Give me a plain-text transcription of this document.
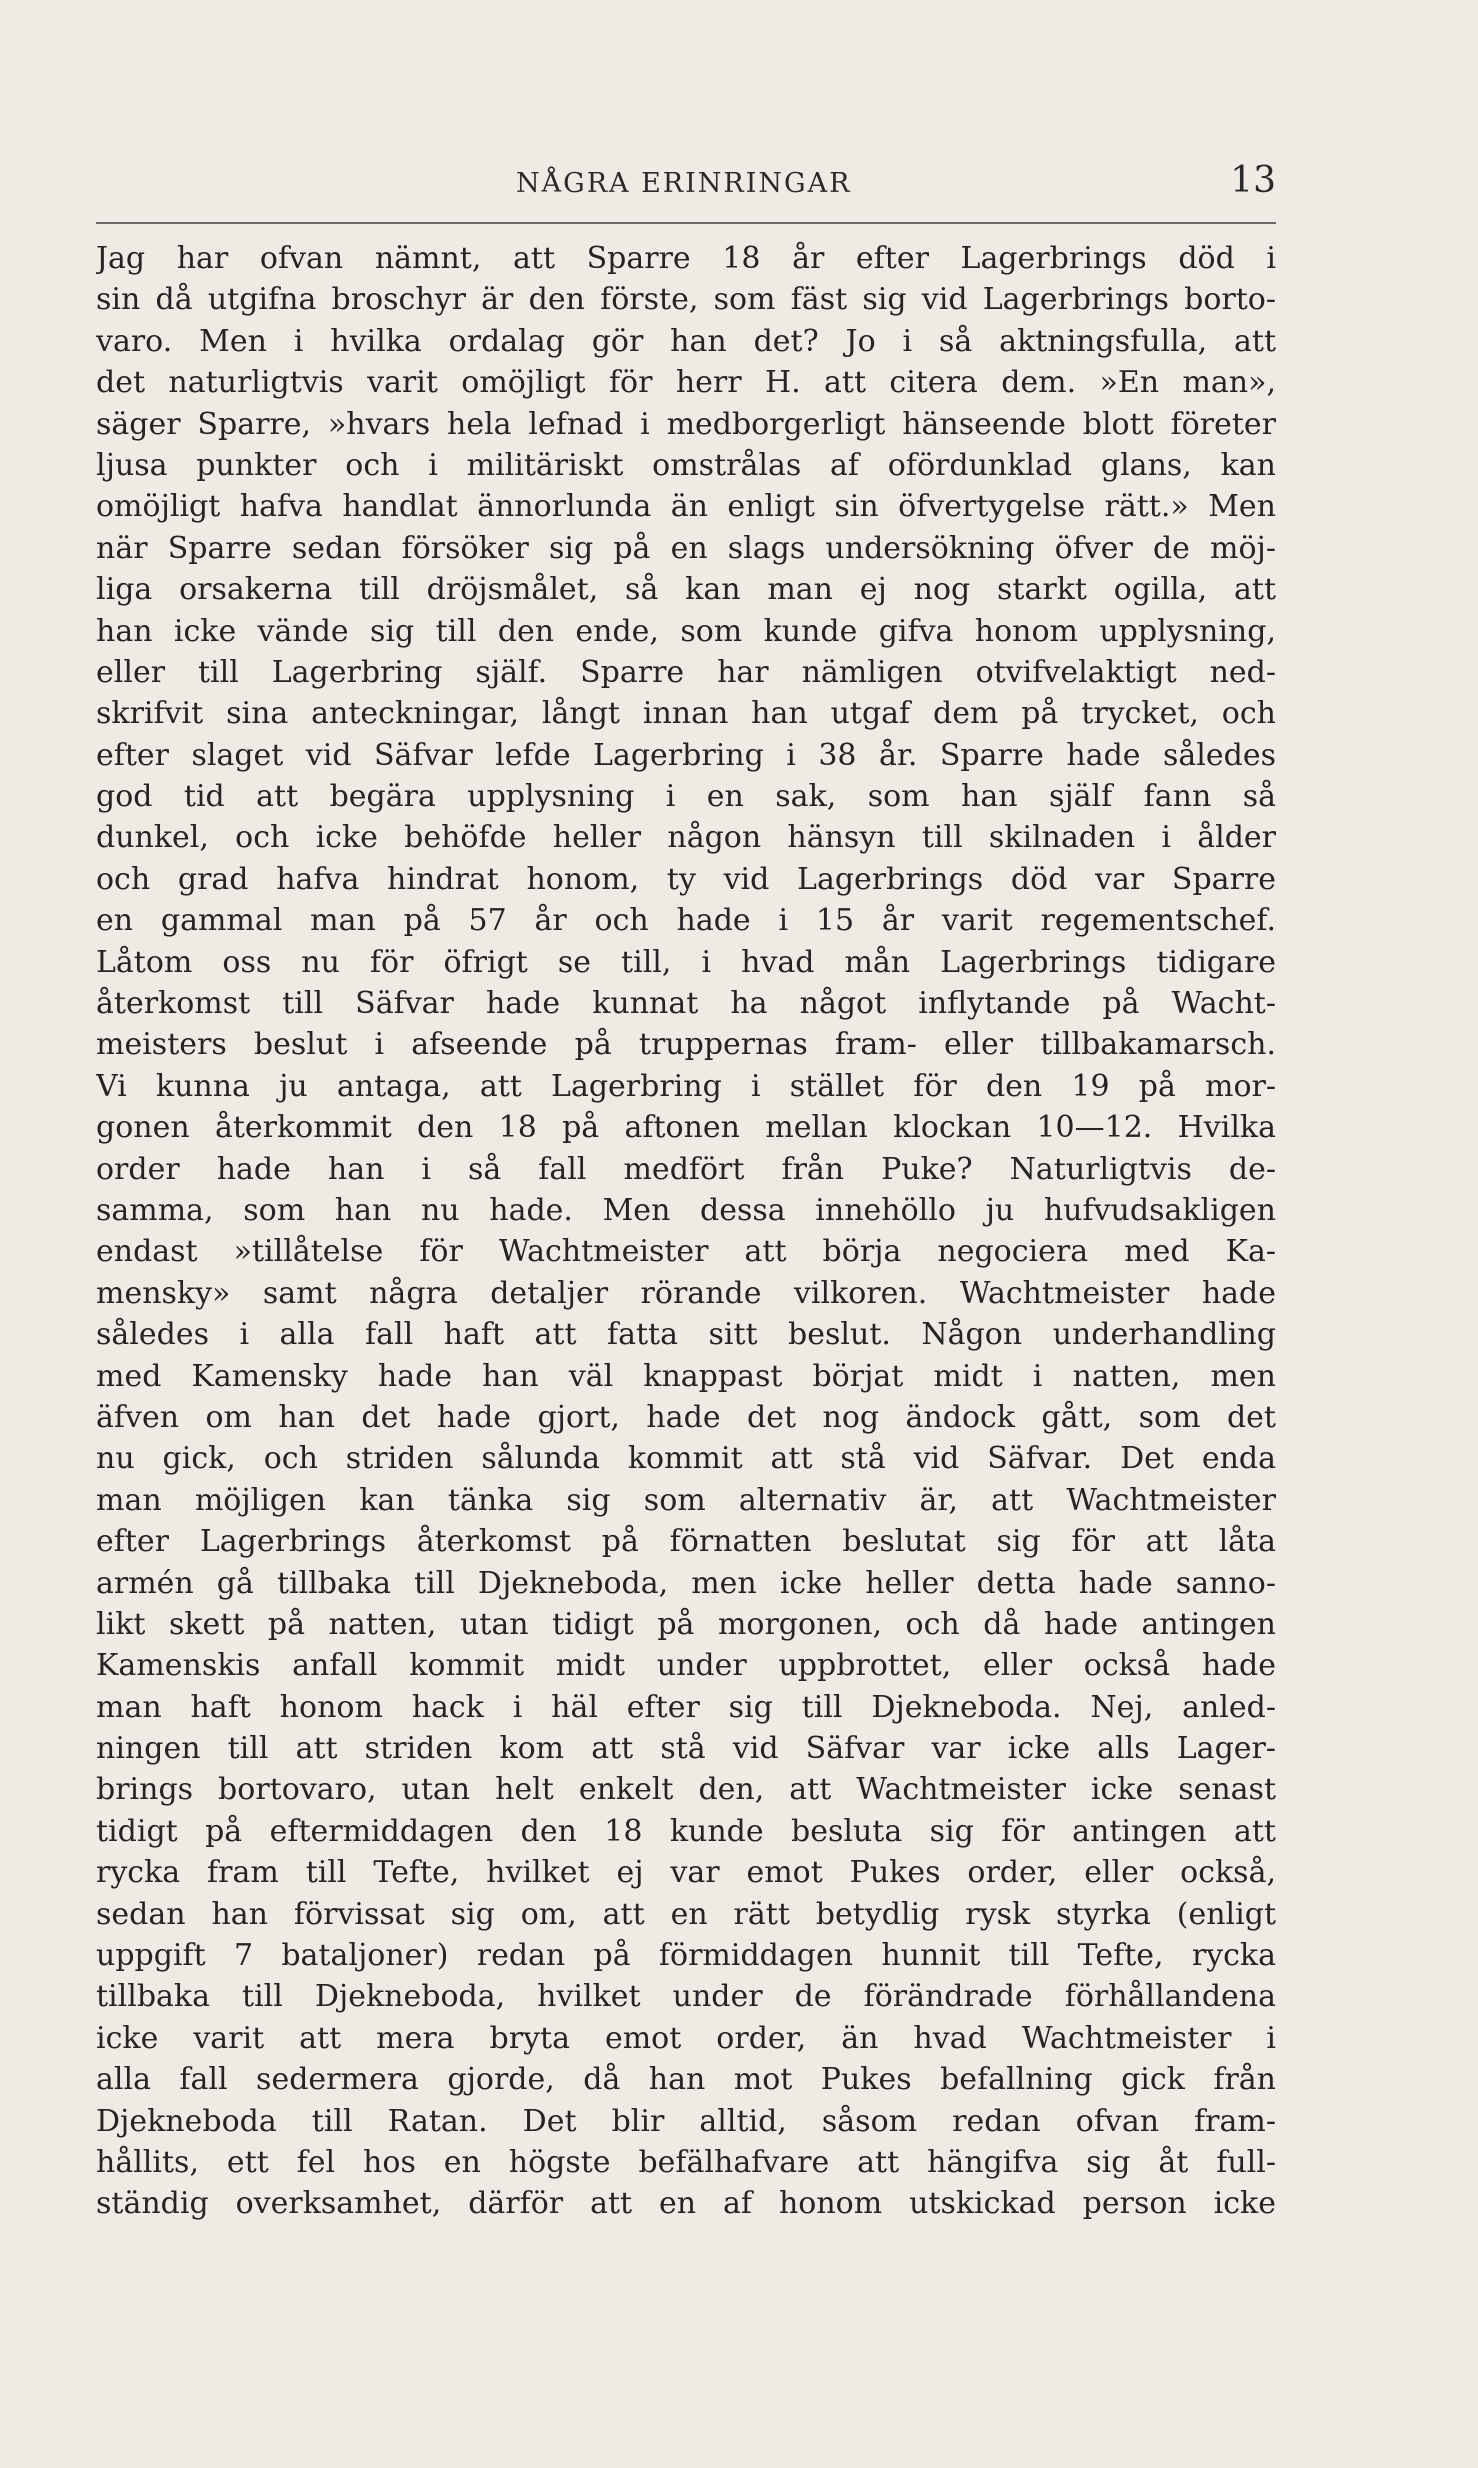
NÅGRA ERINRINGAR	13
Jag har ofvan nämnt, att Sparre 18 år efter Lagerbrings död i
sin då utgifna broschyr är den förste, som fäst sig vid Lagerbrings borto-
varo. Men i hvilka ordalag gör han det? Jo i så aktningsfulla, att
det naturligtvis varit omöjligt för herr H. att citera dem. »En man»,
säger Sparre, »hvars hela lefnad i medborgerligt hänseende blott företer
ljusa punkter och i militäriskt omstrålas af ofördunklad glans, kan
omöjligt hafva handlat ännorlunda än enligt sin öfvertygelse rätt.» Men
när Sparre sedan försöker sig på en slags undersökning öfver de möj-
liga orsakerna till dröjsmålet, så kan man ej nog starkt ogilla, att
han icke vände sig till den ende, som kunde gifva honom upplysning,
eller till Lagerbring själf. Sparre har nämligen otvifvelaktigt ned-
skrifvit sina anteckningar, långt innan han utgaf dem på trycket, och
efter slaget vid Säfvar lefde Lagerbring i 38 år. Sparre hade således
god tid att begära upplysning i en sak, som han själf fann så
dunkel, och icke behöfde heller någon hänsyn till skilnaden i ålder
och grad hafva hindrat honom, ty vid Lagerbrings död var Sparre
en gammal man på 57 år och hade i 15 år varit regementschef.
Låtom oss nu för öfrigt se till, i hvad mån Lagerbrings tidigare
återkomst till Säfvar hade kunnat ha något inflytande på Wacht-
meisters beslut i afseende på truppernas fram- eller tillbakamarsch.
Vi kunna ju antaga, att Lagerbring i stället för den 19 på mor-
gonen återkommit den 18 på aftonen mellan klockan 10—12. Hvilka
order hade han i så fall medfört från Puke? Naturligtvis de-
samma, som han nu hade. Men dessa innehöllo ju hufvudsakligen
endast »tillåtelse för Wachtmeister att börja negociera med Ka-
mensky» samt några detaljer rörande vilkoren. Wachtmeister hade
således i alla fall haft att fatta sitt beslut. Någon underhandling
med Kamensky hade han väl knappast börjat midt i natten, men
äfven om han det hade gjort, hade det nog ändock gått, som det
nu gick, och striden sålunda kommit att stå vid Säfvar. Det enda
man möjligen kan tänka sig som alternativ är, att Wachtmeister
efter Lagerbrings återkomst på förnatten beslutat sig för att låta
armén gå tillbaka till Djekneboda, men icke heller detta hade sanno-
likt skett på natten, utan tidigt på morgonen, och då hade antingen
Kamenskis anfall kommit midt under uppbrottet, eller också hade
man haft honom hack i häl efter sig till Djekneboda. Nej, anled-
ningen till att striden kom att stå vid Säfvar var icke alls Lager-
brings bortovaro, utan helt enkelt den, att Wachtmeister icke senast
tidigt på eftermiddagen den 18 kunde besluta sig för antingen att
rycka fram till Tefte, hvilket ej var emot Pukes order, eller också,
sedan han förvissat sig om, att en rätt betydlig rysk styrka (enligt
uppgift 7 bataljoner) redan på förmiddagen hunnit till Tefte, rycka
tillbaka till Djekneboda, hvilket under de förändrade förhållandena
icke varit att mera bryta emot order, än hvad Wachtmeister i
alla fall sedermera gjorde, då han mot Pukes befallning gick från
Djekneboda till Ratan. Det blir alltid, såsom redan ofvan fram-
hållits, ett fel hos en högste befälhafvare att hängifva sig åt full-
ständig overksamhet, därför att en af honom utskickad person icke
